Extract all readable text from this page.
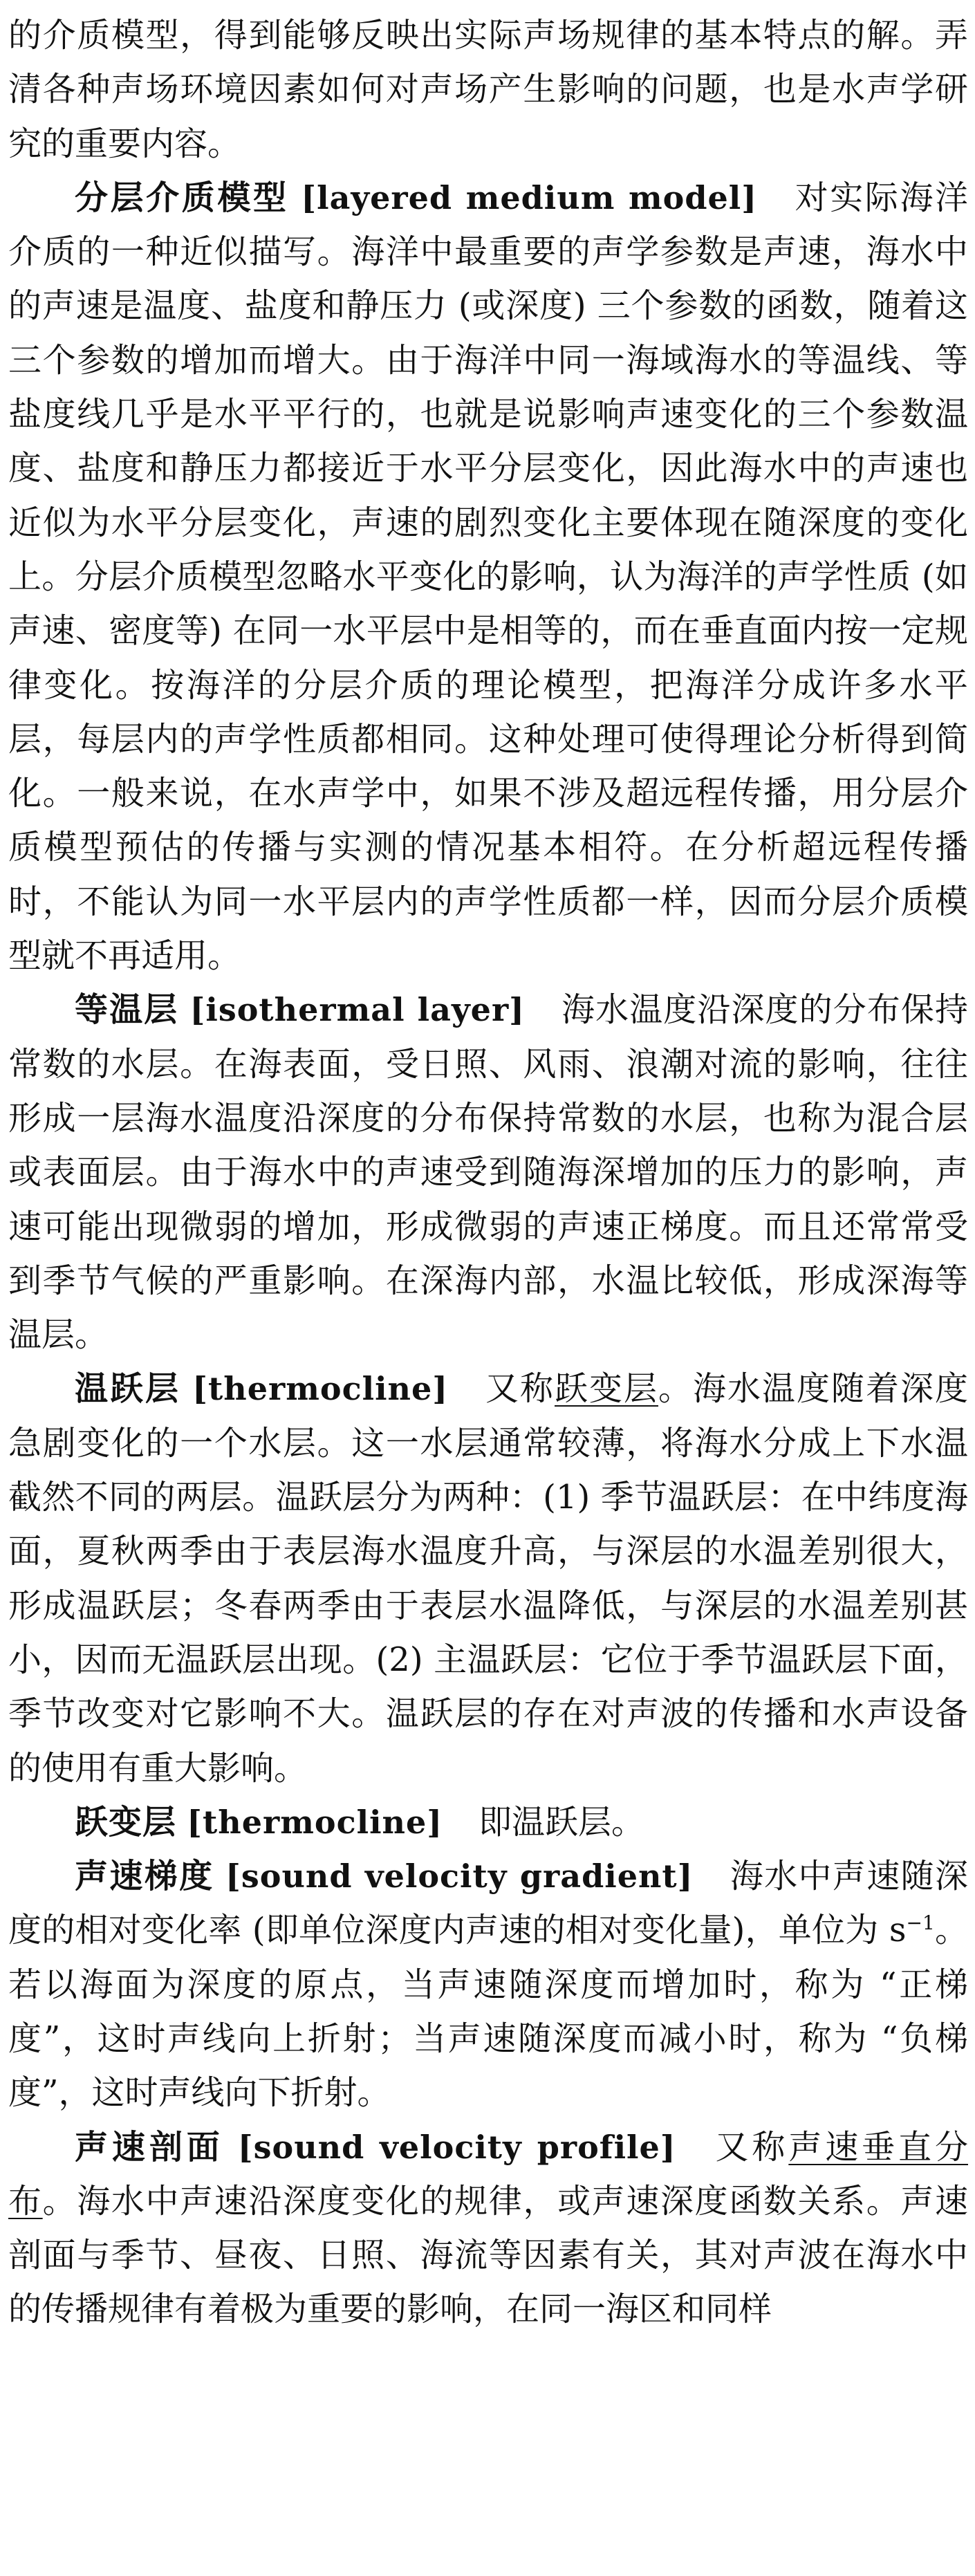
的介质模型，得到能够反映出实际声场规律的基本特点的解。弄清各种声场环境因素如何对声场产生影响的问题，也是水声学研究的重要内容。

分层介质模型 [layered medium model] 对实际海洋介质的一种近似描写。海洋中最重要的声学参数是声速，海水中的声速是温度、盐度和静压力 (或深度) 三个参数的函数，随着这三个参数的增加而增大。由于海洋中同一海域海水的等温线、等盐度线几乎是水平平行的，也就是说影响声速变化的三个参数温度、盐度和静压力都接近于水平分层变化，因此海水中的声速也近似为水平分层变化，声速的剧烈变化主要体现在随深度的变化上。分层介质模型忽略水平变化的影响，认为海洋的声学性质 (如声速、密度等) 在同一水平层中是相等的，而在垂直面内按一定规律变化。按海洋的分层介质的理论模型，把海洋分成许多水平层，每层内的声学性质都相同。这种处理可使得理论分析得到简化。一般来说，在水声学中，如果不涉及超远程传播，用分层介质模型预估的传播与实测的情况基本相符。在分析超远程传播时，不能认为同一水平层内的声学性质都一样，因而分层介质模型就不再适用。

等温层 [isothermal layer] 海水温度沿深度的分布保持常数的水层。在海表面，受日照、风雨、浪潮对流的影响，往往形成一层海水温度沿深度的分布保持常数的水层，也称为混合层或表面层。由于海水中的声速受到随海深增加的压力的影响，声速可能出现微弱的增加，形成微弱的声速正梯度。而且还常常受到季节气候的严重影响。在深海内部，水温比较低，形成深海等温层。

温跃层 [thermocline] 又称跃变层。海水温度随着深度急剧变化的一个水层。这一水层通常较薄，将海水分成上下水温截然不同的两层。温跃层分为两种：(1) 季节温跃层：在中纬度海面，夏秋两季由于表层海水温度升高，与深层的水温差别很大，形成温跃层；冬春两季由于表层水温降低，与深层的水温差别甚小，因而无温跃层出现。(2) 主温跃层：它位于季节温跃层下面，季节改变对它影响不大。温跃层的存在对声波的传播和水声设备的使用有重大影响。

跃变层 [thermocline] 即温跃层。

声速梯度 [sound velocity gradient] 海水中声速随深度的相对变化率 (即单位深度内声速的相对变化量)，单位为 $s^{-1}$。若以海面为深度的原点，当声速随深度而增加时，称为 “正梯度”，这时声线向上折射；当声速随深度而减小时，称为 “负梯度”，这时声线向下折射。

声速剖面 [sound velocity profile] 又称声速垂直分布。海水中声速沿深度变化的规律，或声速深度函数关系。声速剖面与季节、昼夜、日照、海流等因素有关，其对声波在海水中的传播规律有着极为重要的影响，在同一海区和同样
